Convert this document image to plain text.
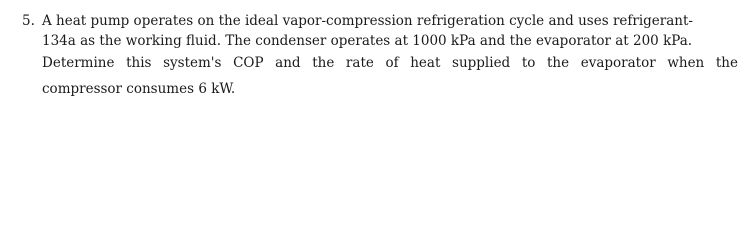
5. A heat pump operates on the ideal vapor-compression refrigeration cycle and uses refrigerant-
134a as the working fluid. The condenser operates at 1000 kPa and the evaporator at 200 kPa.
Determine this system's COP and the rate of heat supplied to the evaporator when the
compressor consumes 6 kW.
